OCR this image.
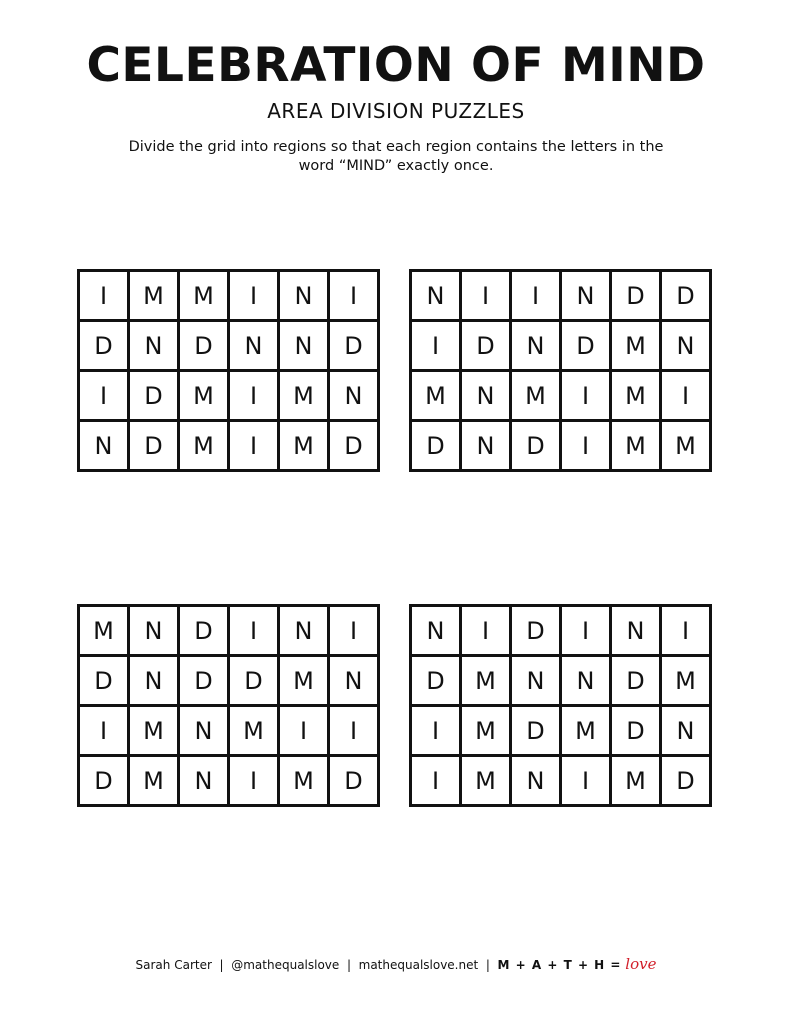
CELEBRATION OF MIND
AREA DIVISION PUZZLES
Divide the grid into regions so that each region contains the letters in the word “MIND” exactly once.
I	M	M	I	N	I
D	N	D	N	N	D
I	D	M	I	M	N
N	D	M	I	M	D
N	I	I	N	D	D
I	D	N	D	M	N
M	N	M	I	M	I
D	N	D	I	M	M
M	N	D	I	N	I
D	N	D	D	M	N
I	M	N	M	I	I
D	M	N	I	M	D
N	I	D	I	N	I
D	M	N	N	D	M
I	M	D	M	D	N
I	M	N	I	M	D
Sarah Carter | @mathequalslove | mathequalslove.net | M + A + T + H = love
